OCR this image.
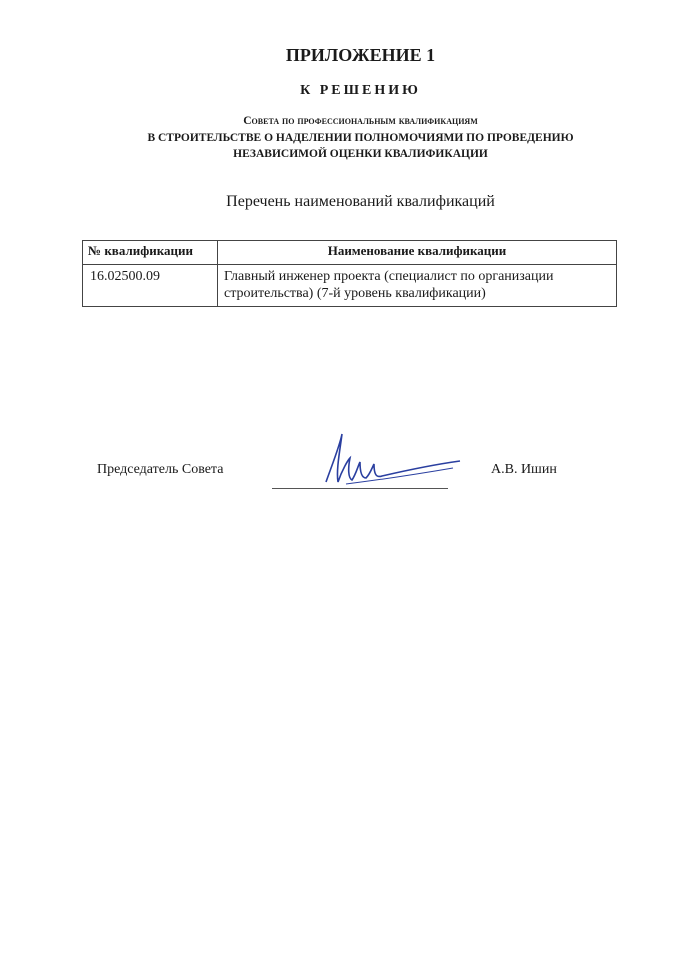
ПРИЛОЖЕНИЕ 1
К РЕШЕНИЮ
Совета по профессиональным квалификациям
В СТРОИТЕЛЬСТВЕ О НАДЕЛЕНИИ ПОЛНОМОЧИЯМИ ПО ПРОВЕДЕНИЮ
НЕЗАВИСИМОЙ ОЦЕНКИ КВАЛИФИКАЦИИ
Перечень наименований квалификаций
№ квалификации	Наименование квалификации
16.02500.09	Главный инженер проекта (специалист по организации строительства) (7-й уровень квалификации)
Председатель Совета	А.В. Ишин
